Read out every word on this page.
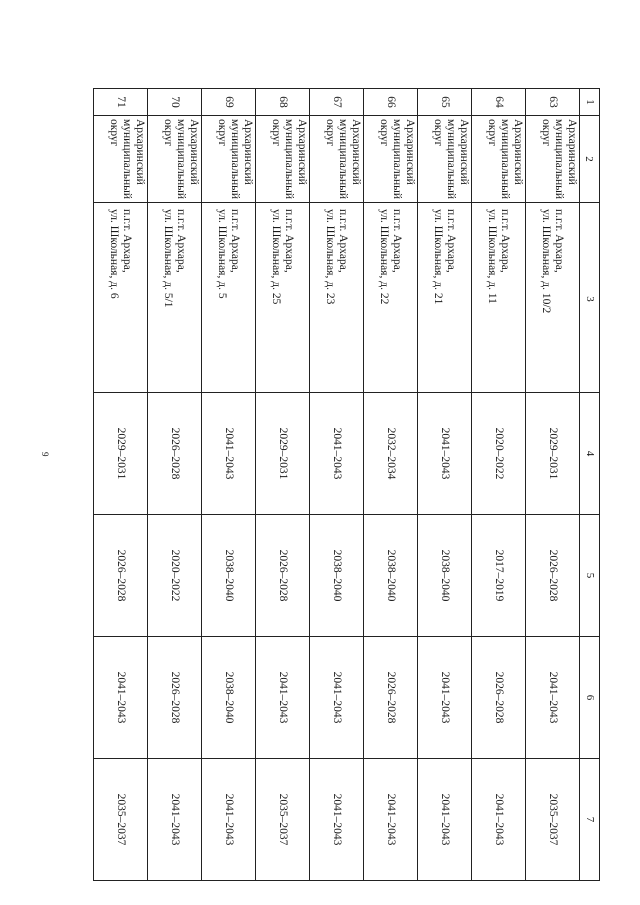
9
1	2	3	4	5	6	7
63	Архаринский
муниципальный
округ	п.г.т. Архара,
ул. Школьная, д. 10/2	2029–2031	2026–2028	2041–2043	2035–2037
64	Архаринский
муниципальный
округ	п.г.т. Архара,
ул. Школьная, д. 11	2020–2022	2017–2019	2026–2028	2041–2043
65	Архаринский
муниципальный
округ	п.г.т. Архара,
ул. Школьная, д. 21	2041–2043	2038–2040	2041–2043	2041–2043
66	Архаринский
муниципальный
округ	п.г.т. Архара,
ул. Школьная, д. 22	2032–2034	2038–2040	2026–2028	2041–2043
67	Архаринский
муниципальный
округ	п.г.т. Архара,
ул. Школьная, д. 23	2041–2043	2038–2040	2041–2043	2041–2043
68	Архаринский
муниципальный
округ	п.г.т. Архара,
ул. Школьная, д. 25	2029–2031	2026–2028	2041–2043	2035–2037
69	Архаринский
муниципальный
округ	п.г.т. Архара,
ул. Школьная, д. 5	2041–2043	2038–2040	2038–2040	2041–2043
70	Архаринский
муниципальный
округ	п.г.т. Архара,
ул. Школьная, д. 5/1	2026–2028	2020–2022	2026–2028	2041–2043
71	Архаринский
муниципальный
округ	п.г.т. Архара,
ул. Школьная, д. 6	2029–2031	2026–2028	2041–2043	2035–2037
